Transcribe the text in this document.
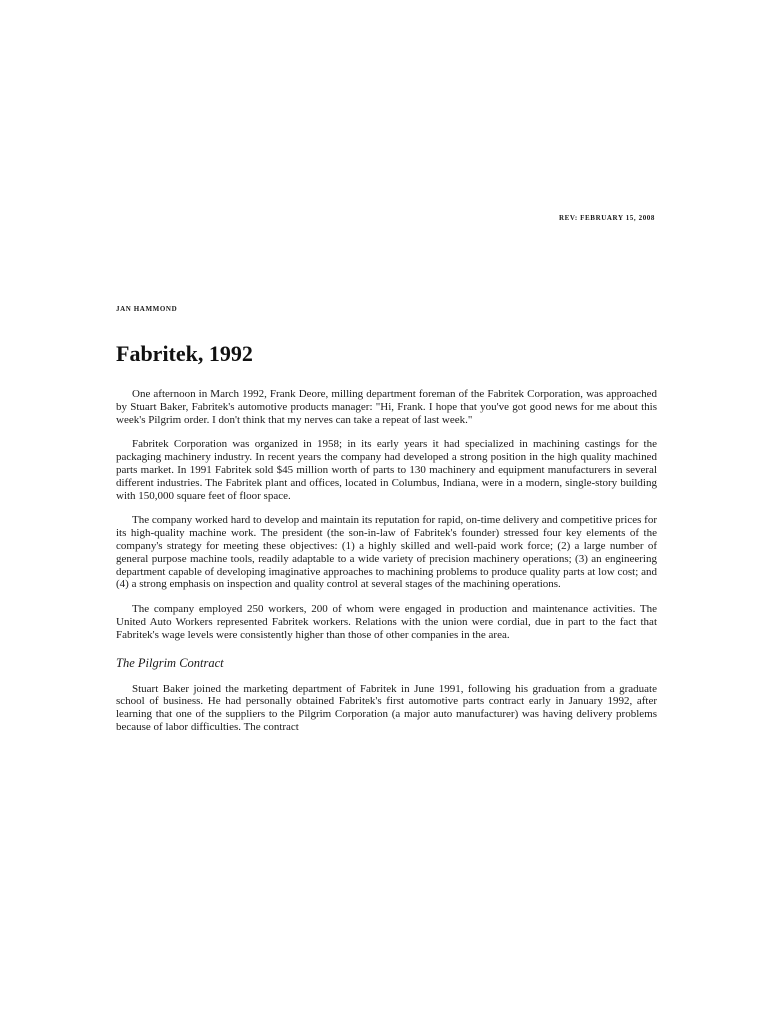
REV: FEBRUARY 15, 2008
JAN HAMMOND
Fabritek, 1992

One afternoon in March 1992, Frank Deore, milling department foreman of the Fabritek Corporation, was approached by Stuart Baker, Fabritek's automotive products manager: "Hi, Frank. I hope that you've got good news for me about this week's Pilgrim order. I don't think that my nerves can take a repeat of last week."

Fabritek Corporation was organized in 1958; in its early years it had specialized in machining castings for the packaging machinery industry. In recent years the company had developed a strong position in the high quality machined parts market. In 1991 Fabritek sold $45 million worth of parts to 130 machinery and equipment manufacturers in several different industries. The Fabritek plant and offices, located in Columbus, Indiana, were in a modern, single-story building with 150,000 square feet of floor space.

The company worked hard to develop and maintain its reputation for rapid, on-time delivery and competitive prices for its high-quality machine work. The president (the son-in-law of Fabritek's founder) stressed four key elements of the company's strategy for meeting these objectives: (1) a highly skilled and well-paid work force; (2) a large number of general purpose machine tools, readily adaptable to a wide variety of precision machinery operations; (3) an engineering department capable of developing imaginative approaches to machining problems to produce quality parts at low cost; and (4) a strong emphasis on inspection and quality control at several stages of the machining operations.

The company employed 250 workers, 200 of whom were engaged in production and maintenance activities. The United Auto Workers represented Fabritek workers. Relations with the union were cordial, due in part to the fact that Fabritek's wage levels were consistently higher than those of other companies in the area.

The Pilgrim Contract

Stuart Baker joined the marketing department of Fabritek in June 1991, following his graduation from a graduate school of business. He had personally obtained Fabritek's first automotive parts contract early in January 1992, after learning that one of the suppliers to the Pilgrim Corporation (a major auto manufacturer) was having delivery problems because of labor difficulties. The contract
